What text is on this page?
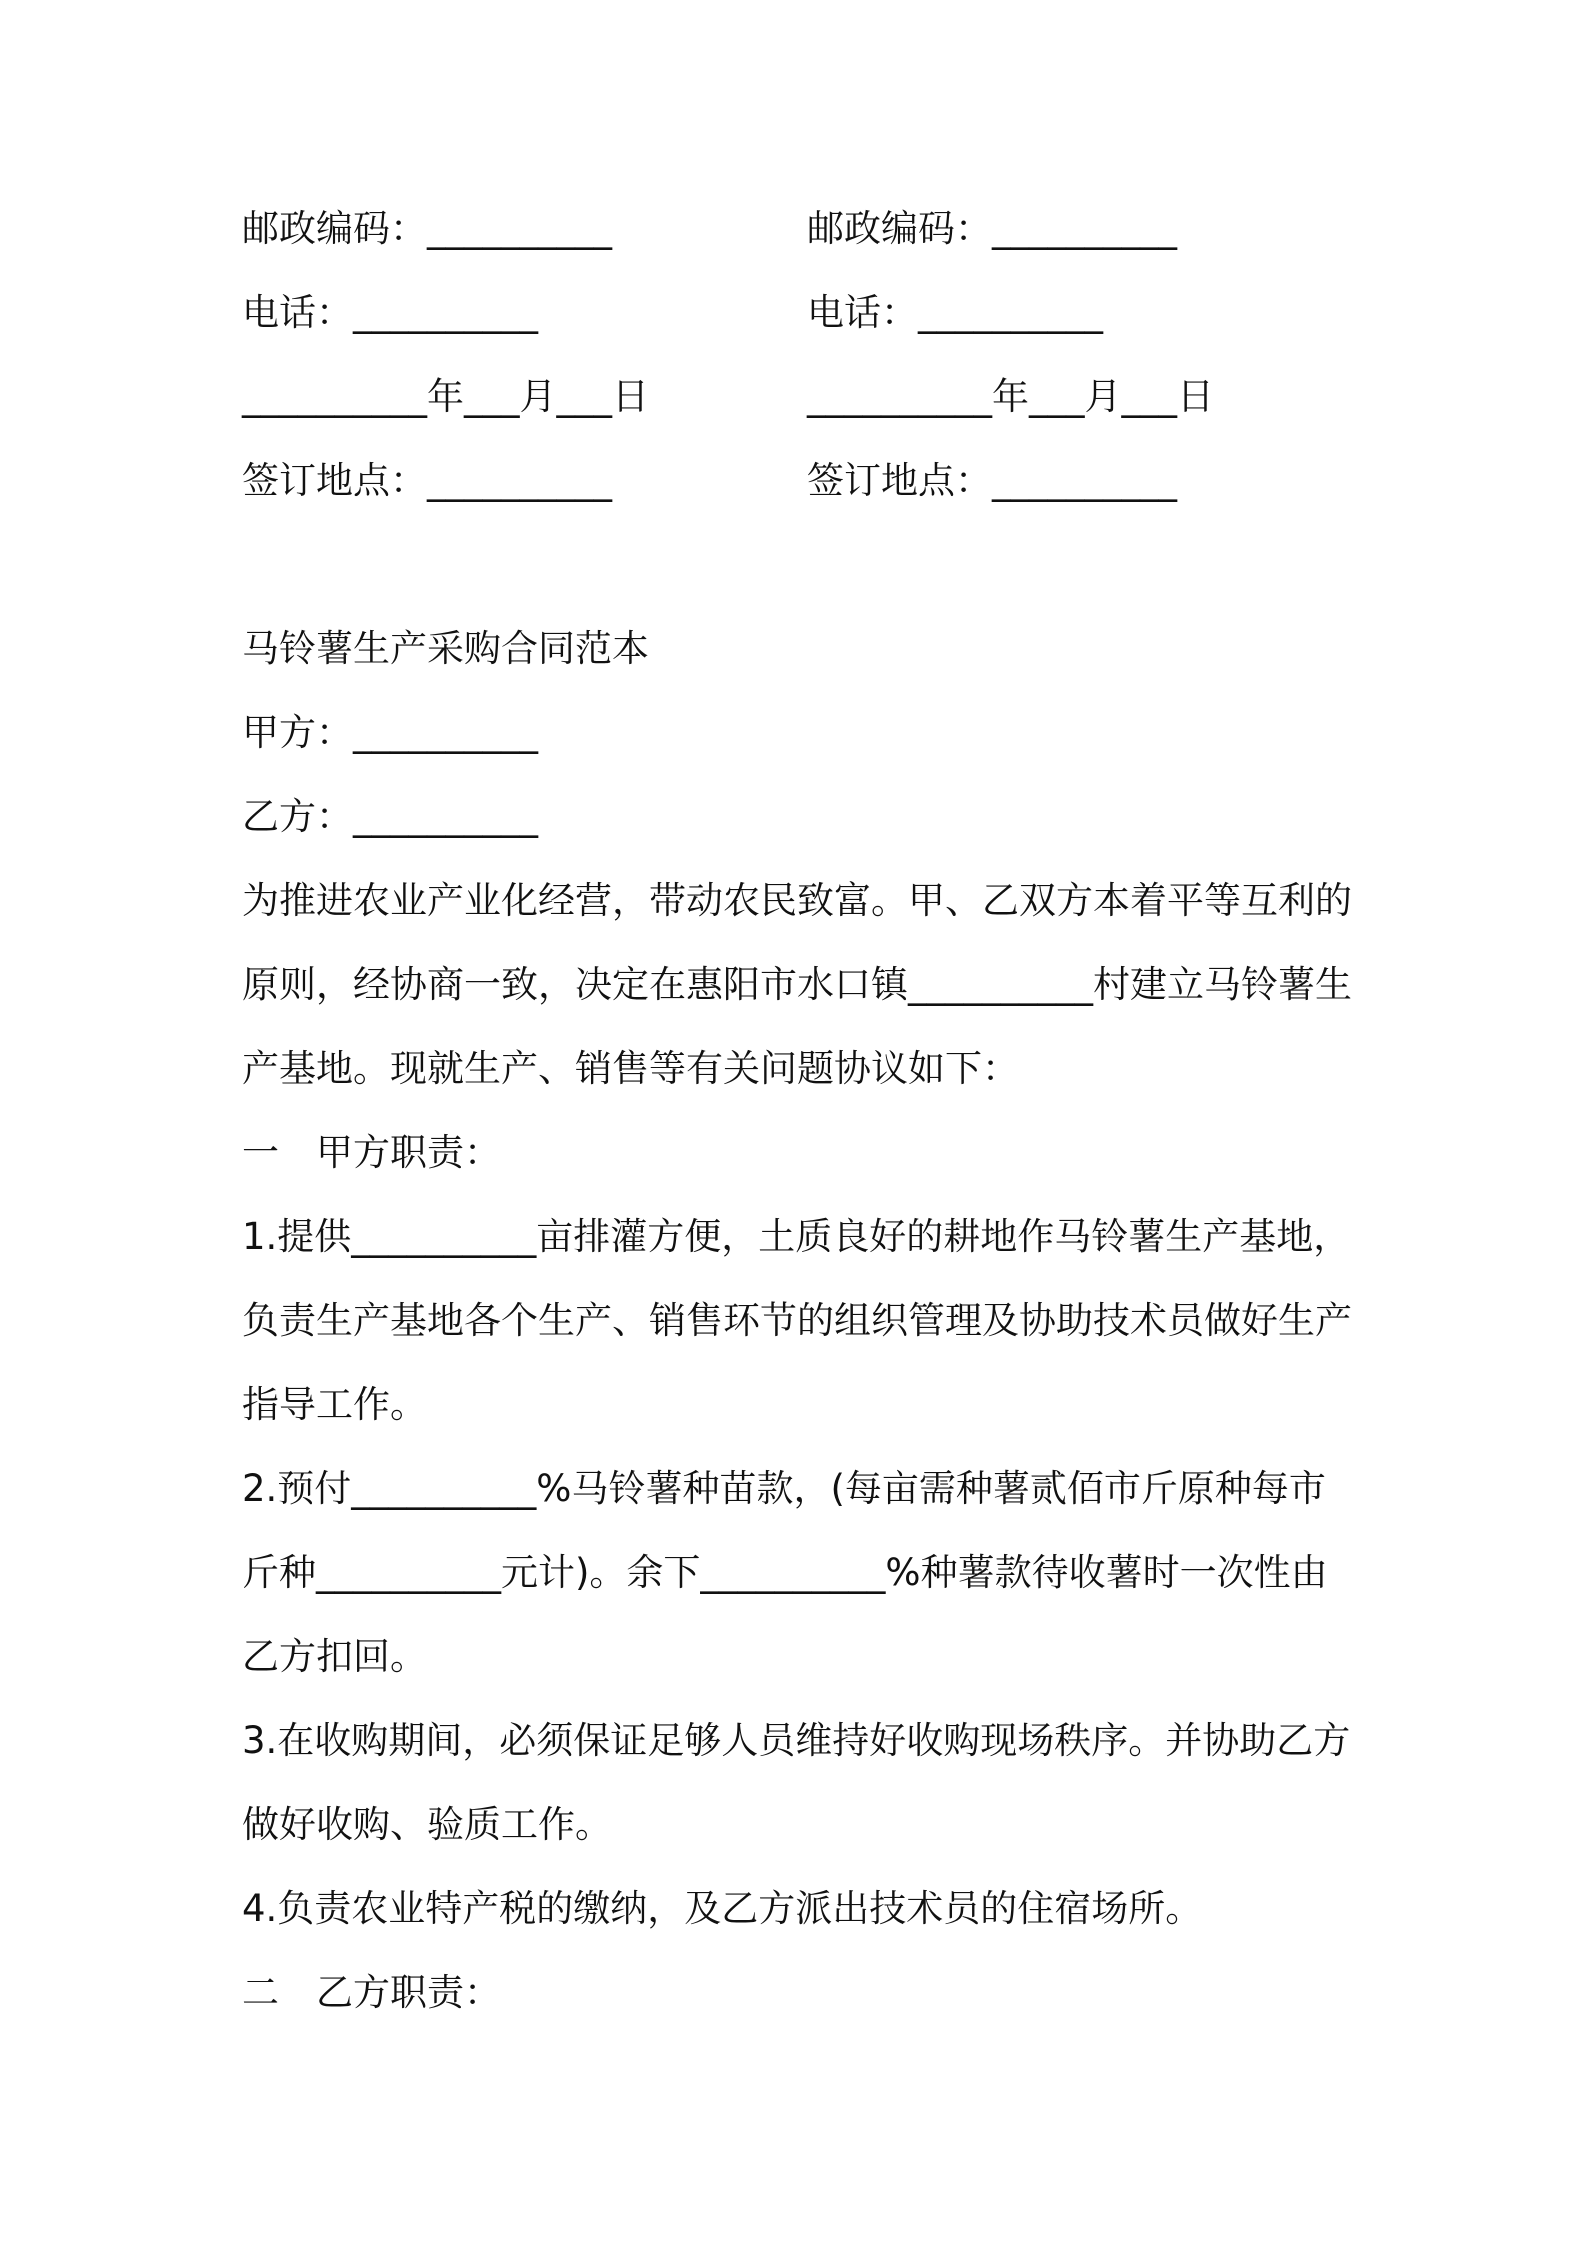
邮政编码：__________
电话：__________
__________年___月___日
签订地点：__________
邮政编码：__________
电话：__________
__________年___月___日
签订地点：__________
马铃薯生产采购合同范本
甲方：__________
乙方：__________
为推进农业产业化经营，带动农民致富。甲、乙双方本着平等互利的
原则，经协商一致，决定在惠阳市水口镇__________村建立马铃薯生
产基地。现就生产、销售等有关问题协议如下：
一　甲方职责：
1.提供__________亩排灌方便，土质良好的耕地作马铃薯生产基地，
负责生产基地各个生产、销售环节的组织管理及协助技术员做好生产
指导工作。
2.预付__________%马铃薯种苗款，(每亩需种薯贰佰市斤原种每市
斤种__________元计)。余下__________%种薯款待收薯时一次性由
乙方扣回。
3.在收购期间，必须保证足够人员维持好收购现场秩序。并协助乙方
做好收购、验质工作。
4.负责农业特产税的缴纳，及乙方派出技术员的住宿场所。
二　乙方职责：
